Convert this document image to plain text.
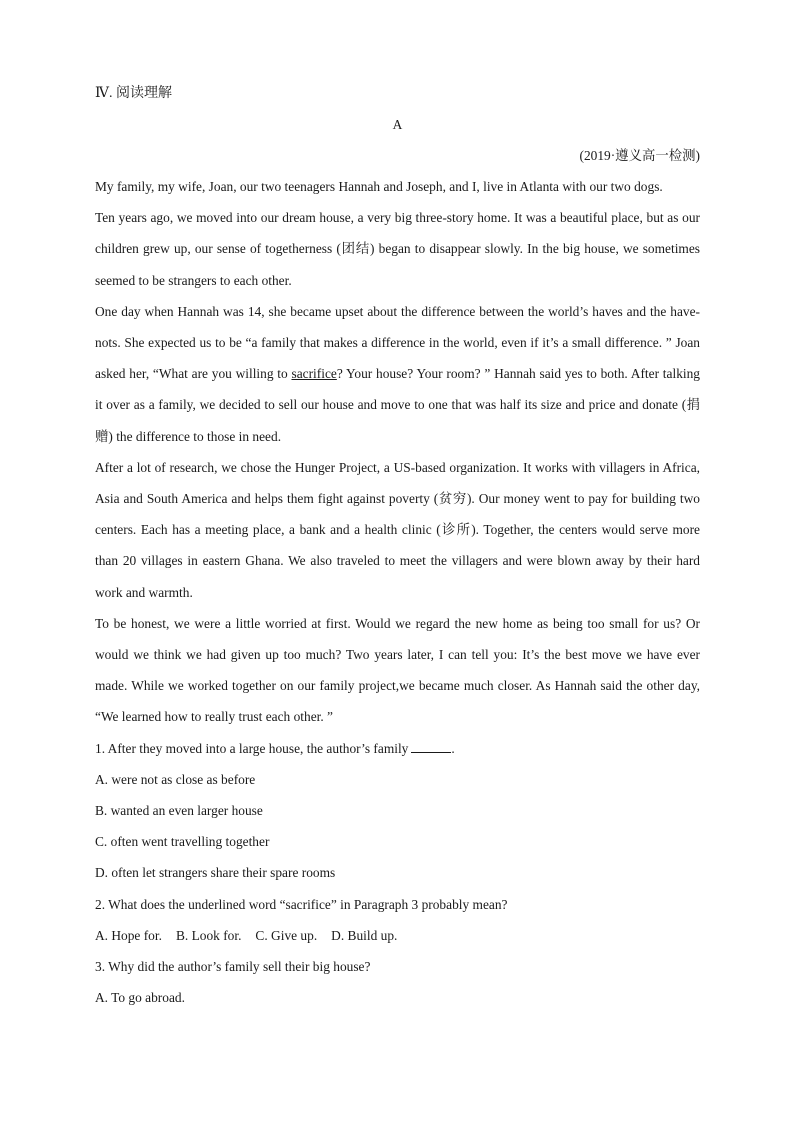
Ⅳ. 阅读理解
A
(2019·遵义高一检测)

My family, my wife, Joan, our two teenagers Hannah and Joseph, and I, live in Atlanta with our two dogs.

Ten years ago, we moved into our dream house, a very big three-story home. It was a beautiful place, but as our children grew up, our sense of togetherness (团结) began to disappear slowly. In the big house, we sometimes seemed to be strangers to each other.

One day when Hannah was 14, she became upset about the difference between the world’s haves and the have-nots. She expected us to be “a family that makes a difference in the world, even if it’s a small difference. ” Joan asked her, “What are you willing to sacrifice? Your house? Your room? ” Hannah said yes to both. After talking it over as a family, we decided to sell our house and move to one that was half its size and price and donate (捐赠) the difference to those in need.

After a lot of research, we chose the Hunger Project, a US-based organization. It works with villagers in Africa, Asia and South America and helps them fight against poverty (贫穷). Our money went to pay for building two centers. Each has a meeting place, a bank and a health clinic (诊所). Together, the centers would serve more than 20 villages in eastern Ghana. We also traveled to meet the villagers and were blown away by their hard work and warmth.

To be honest, we were a little worried at first. Would we regard the new home as being too small for us? Or would we think we had given up too much? Two years later, I can tell you: It’s the best move we have ever made. While we worked together on our family project,we became much closer. As Hannah said the other day, “We learned how to really trust each other. ”

1. After they moved into a large house, the author’s family	.

A. were not as close as before

B. wanted an even larger house

C. often went travelling together

D. often let strangers share their spare rooms

2. What does the underlined word “sacrifice” in Paragraph 3 probably mean?

A. Hope for. B. Look for. C. Give up. D. Build up.

3. Why did the author’s family sell their big house?

A. To go abroad.
